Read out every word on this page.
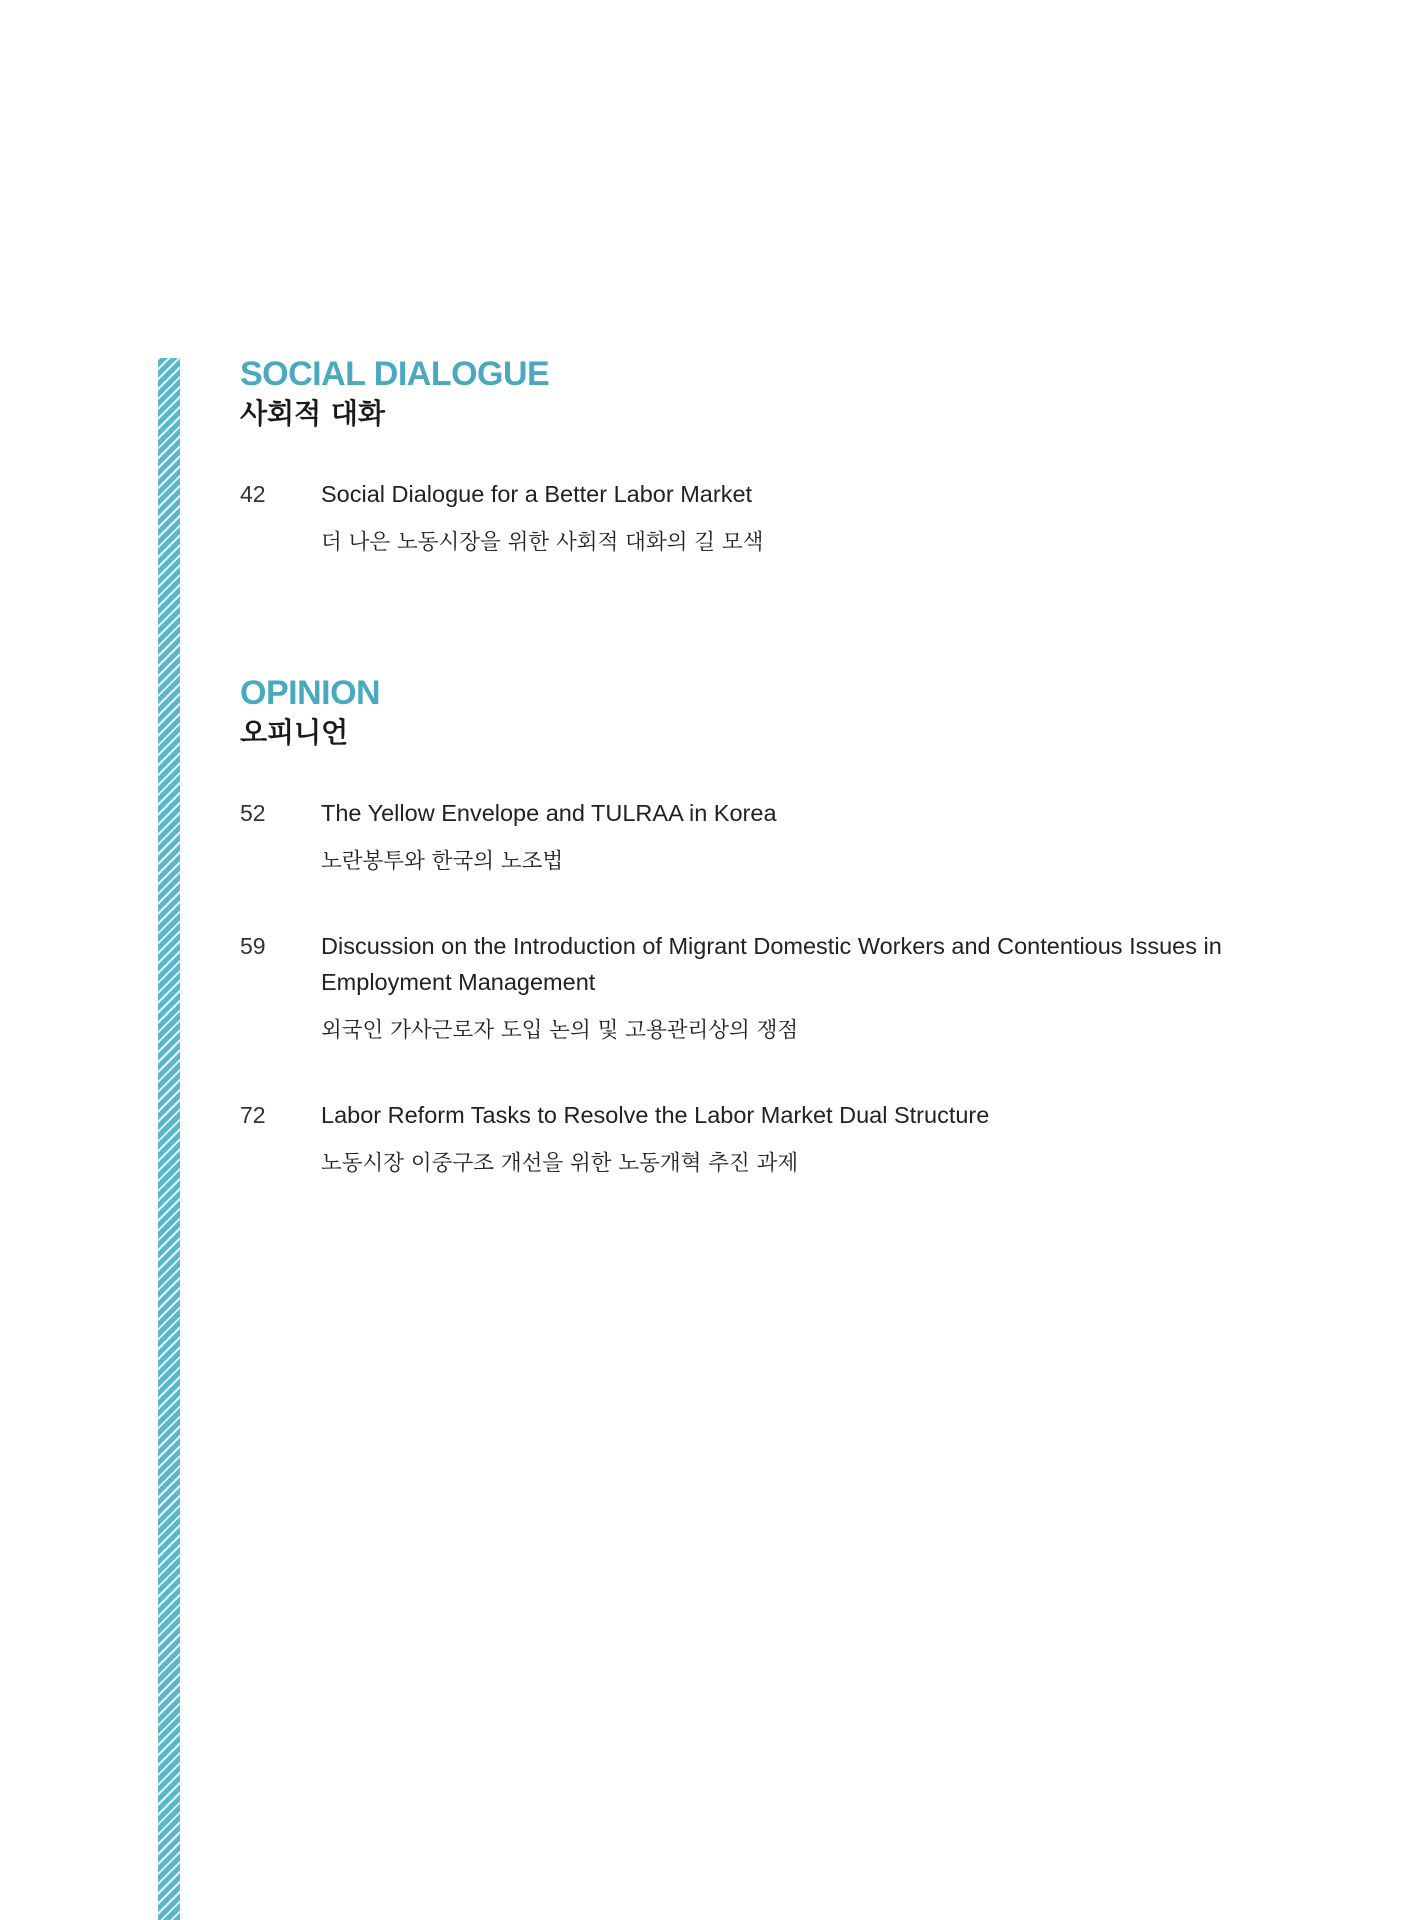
SOCIAL DIALOGUE
사회적 대화
42	Social Dialogue for a Better Labor Market
더 나은 노동시장을 위한 사회적 대화의 길 모색
OPINION
오피니언
52	The Yellow Envelope and TULRAA in Korea
노란봉투와 한국의 노조법
59	Discussion on the Introduction of Migrant Domestic Workers and Contentious Issues in Employment Management
외국인 가사근로자 도입 논의 및 고용관리상의 쟁점
72	Labor Reform Tasks to Resolve the Labor Market Dual Structure
노동시장 이중구조 개선을 위한 노동개혁 추진 과제
